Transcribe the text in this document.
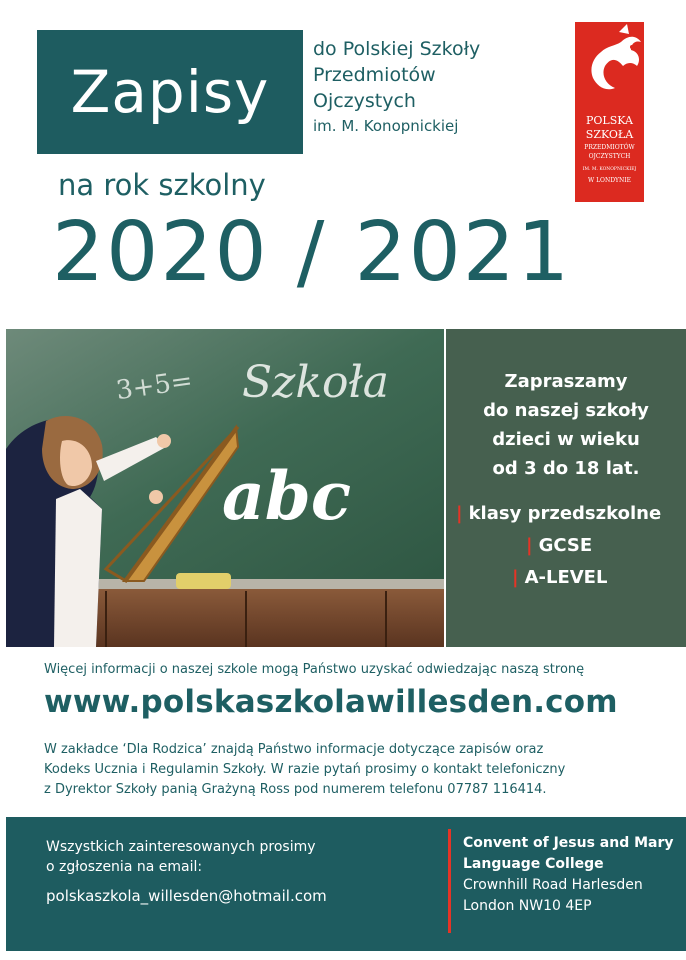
Zapisy
do Polskiej Szkoły
Przedmiotów
Ojczystych
im. M. Konopnickiej	POLSKA
SZKOŁA
PRZEDMIOTÓW
OJCZYSTYCH
IM. M. KONOPNICKIEJ
W LONDYNIE
na rok szkolny
2020 / 2021
3+5= Szkoła
abc
Zapraszamy
do naszej szkoły
dzieci w wieku
od 3 do 18 lat.
| klasy przedszkolne
| GCSE
| A-LEVEL
Więcej informacji o naszej szkole mogą Państwo uzyskać odwiedzając naszą stronę
www.polskaszkolawillesden.com
W zakładce ‘Dla Rodzica’ znajdą Państwo informacje dotyczące zapisów oraz
Kodeks Ucznia i Regulamin Szkoły. W razie pytań prosimy o kontakt telefoniczny
z Dyrektor Szkoły panią Grażyną Ross pod numerem telefonu 07787 116414.
Wszystkich zainteresowanych prosimy
o zgłoszenia na email:
polskaszkola_willesden@hotmail.com
Convent of Jesus and Mary
Language College
Crownhill Road Harlesden
London NW10 4EP
